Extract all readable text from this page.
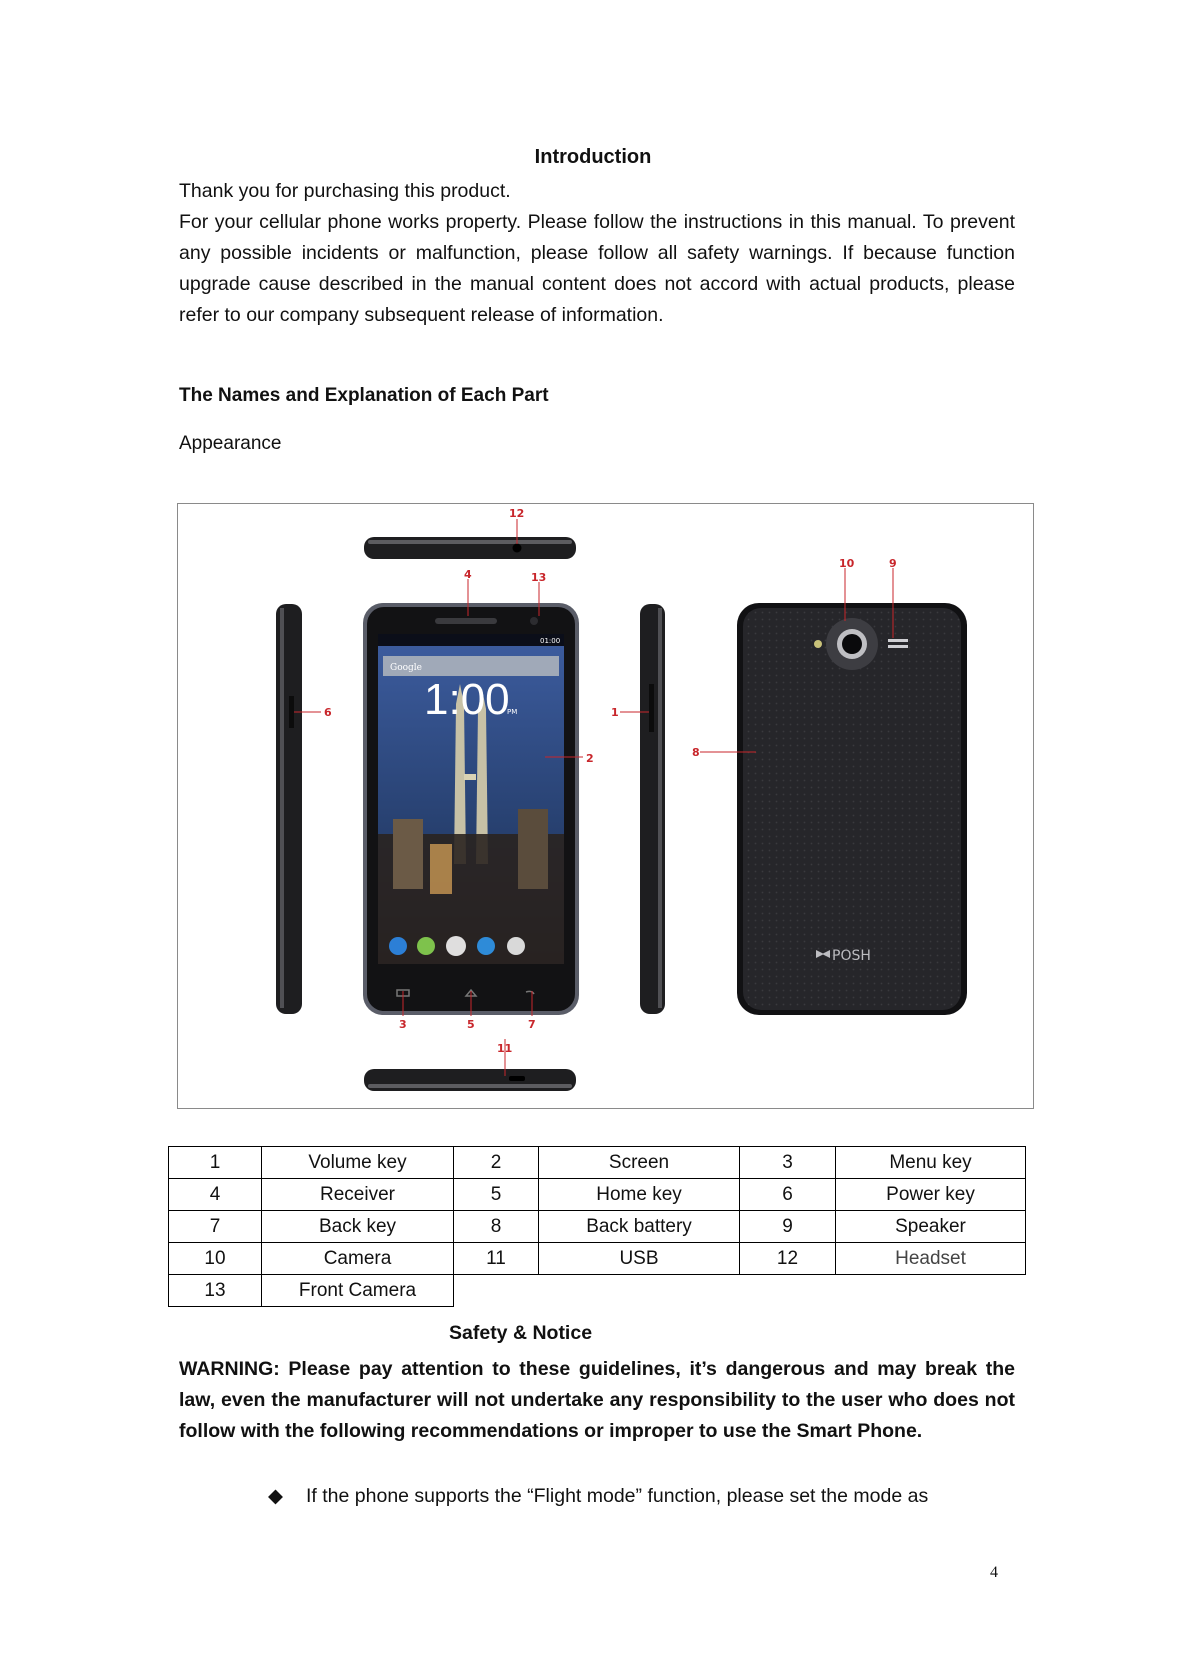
Introduction
Thank you for purchasing this product.
For your cellular phone works property. Please follow the instructions in this manual. To prevent any possible incidents or malfunction, please follow all safety warnings. If because function upgrade cause described in the manual content does not accord with actual products, please refer to our company subsequent release of information.
The Names and Explanation of Each Part
Appearance
1:00
PM
01:00
Google
POSH
12
4	13
10	9
6	1
2	8
3	5	7
11
1	Volume key	2	Screen	3	Menu key
4	Receiver	5	Home key	6	Power key
7	Back key	8	Back battery	9	Speaker
10	Camera	11	USB	12	Headset
13	Front Camera				
Safety & Notice
WARNING: Please pay attention to these guidelines, it’s dangerous and may break the law, even the manufacturer will not undertake any responsibility to the user who does not follow with the following recommendations or improper to use the Smart Phone.
◆ If the phone supports the “Flight mode” function, please set the mode as
4
